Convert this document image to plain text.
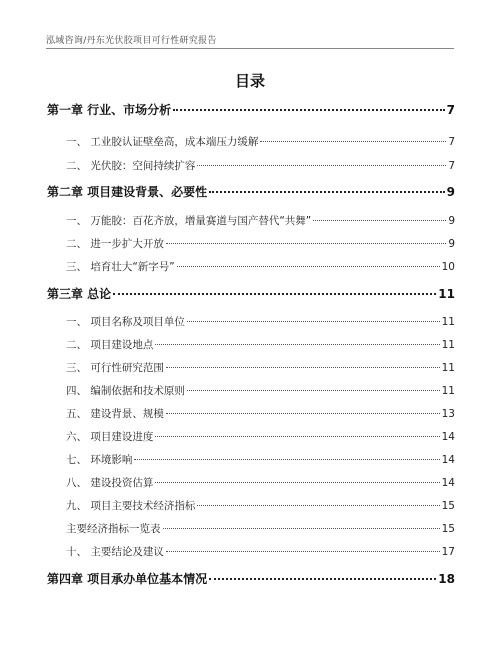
泓域咨询/丹东光伏胶项目可行性研究报告
目录
第一章 行业、市场分析	7
一、 工业胶认证壁垒高，成本端压力缓解	7
二、 光伏胶：空间持续扩容	7
第二章 项目建设背景、必要性	9
一、 万能胶：百花齐放，增量赛道与国产替代“共舞”	9
二、 进一步扩大开放	9
三、 培育壮大“新字号”	10
第三章 总论	11
一、 项目名称及项目单位	11
二、 项目建设地点	11
三、 可行性研究范围	11
四、 编制依据和技术原则	11
五、 建设背景、规模	13
六、 项目建设进度	14
七、 环境影响	14
八、 建设投资估算	14
九、 项目主要技术经济指标	15
主要经济指标一览表	15
十、 主要结论及建议	17
第四章 项目承办单位基本情况	18
